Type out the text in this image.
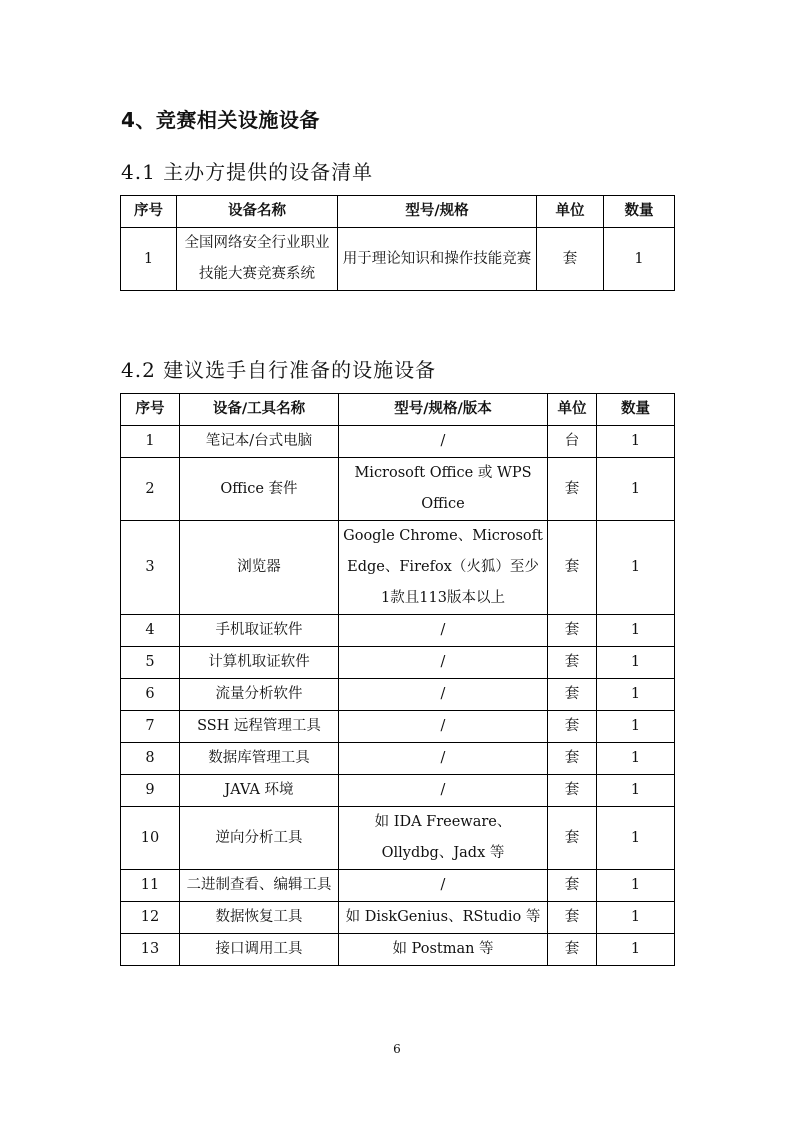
4、竞赛相关设施设备
4.1 主办方提供的设备清单
序号	设备名称	型号/规格	单位	数量
1	全国网络安全行业职业技能大赛竞赛系统	用于理论知识和操作技能竞赛	套	1
4.2 建议选手自行准备的设施设备
序号	设备/工具名称	型号/规格/版本	单位	数量
1	笔记本/台式电脑	/	台	1
2	Office 套件	Microsoft Office 或 WPS Office	套	1
3	浏览器	Google Chrome、Microsoft Edge、Firefox（火狐）至少1款且113版本以上	套	1
4	手机取证软件	/	套	1
5	计算机取证软件	/	套	1
6	流量分析软件	/	套	1
7	SSH 远程管理工具	/	套	1
8	数据库管理工具	/	套	1
9	JAVA 环境	/	套	1
10	逆向分析工具	如 IDA Freeware、Ollydbg、Jadx 等	套	1
11	二进制查看、编辑工具	/	套	1
12	数据恢复工具	如 DiskGenius、RStudio 等	套	1
13	接口调用工具	如 Postman 等	套	1
6
